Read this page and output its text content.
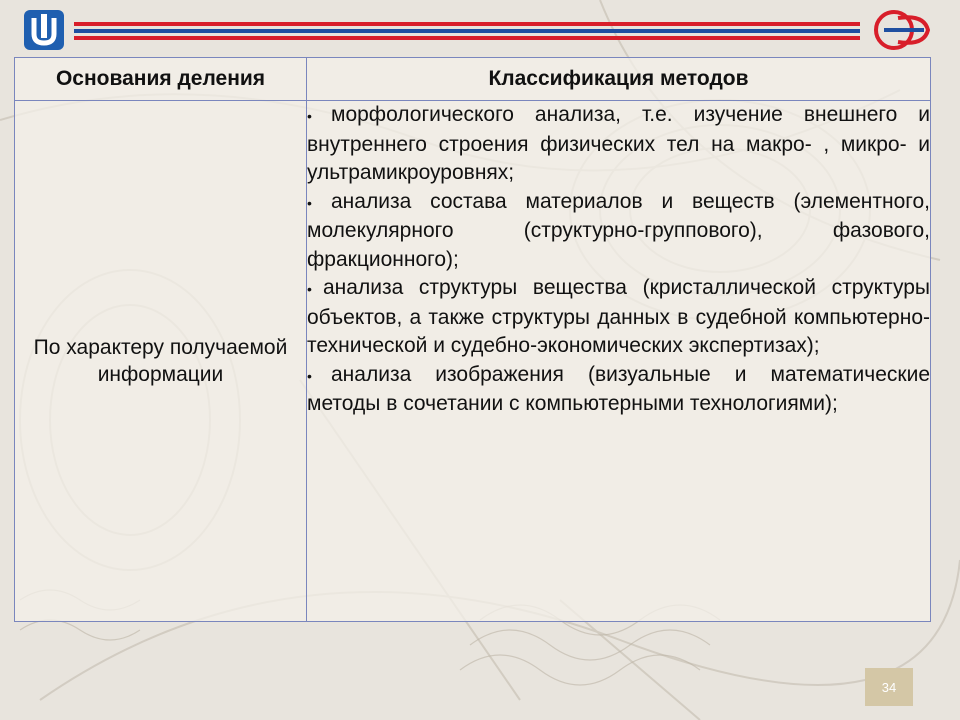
Основания деления	Классификация методов
По характеру получаемой информации	• морфологического анализа, т.е. изучение внешнего и внутреннего строения физических тел на макро- , микро- и ультрамикроуровнях;
• анализа состава материалов и веществ (элементного, молекулярного (структурно-группового), фазового, фракционного);
• анализа структуры вещества (кристаллической структуры объектов, а также структуры данных в судебной компьютерно-технической и судебно-экономических экспертизах);
• анализа изображения (визуальные и математические методы в сочетании с компьютерными технологиями);
34
